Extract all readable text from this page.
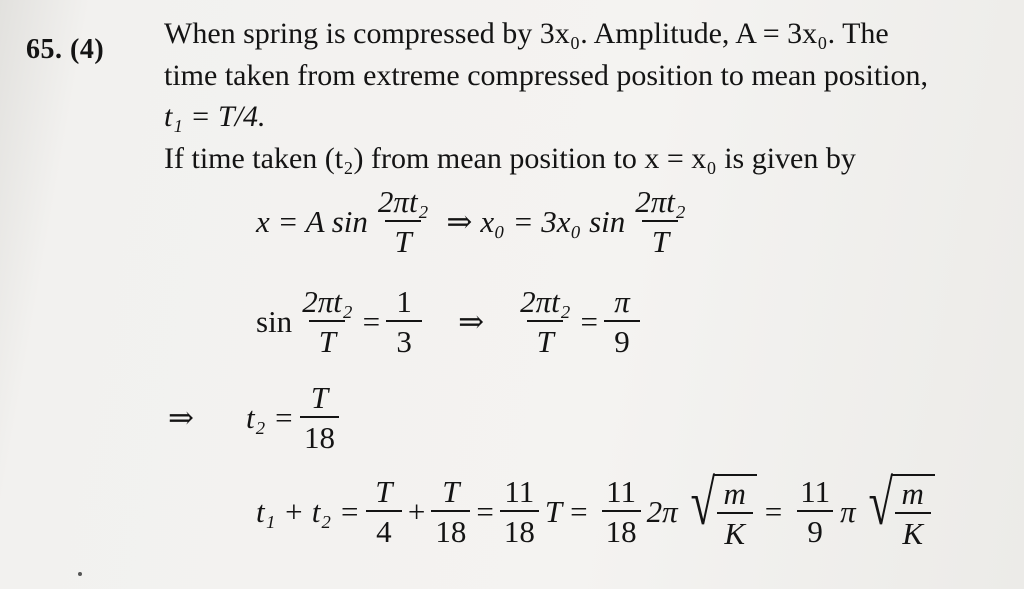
65. (4) When spring is compressed by 3x₀. Amplitude, A = 3x₀. The
time taken from extreme compressed position to mean position,
t₁ = T/4.
If time taken (t₂) from mean position to x = x₀ is given by
x = A $\sin \frac{\text{2πt₂}}{T}$ ⇒ x₀ = 3x₀ $\sin \frac{\text{2πt₂}}{T}$
$\sin \frac{\text{2πt₂}}{T} = \frac{1}{3}$ ⇒ $\frac{\text{2πt₂}}{T} = \frac{\pi}{9}$
⇒ $t_2 = \frac{T}{18}$
$t_1 + t_2 = \frac{T}{4} + \frac{T}{18} = \frac{11}{18}$ $T = \frac{11}{18} 2\pi$ √ $\frac{m}{K} = \frac{11}{9}$ π √ $\frac{m}{K}$
